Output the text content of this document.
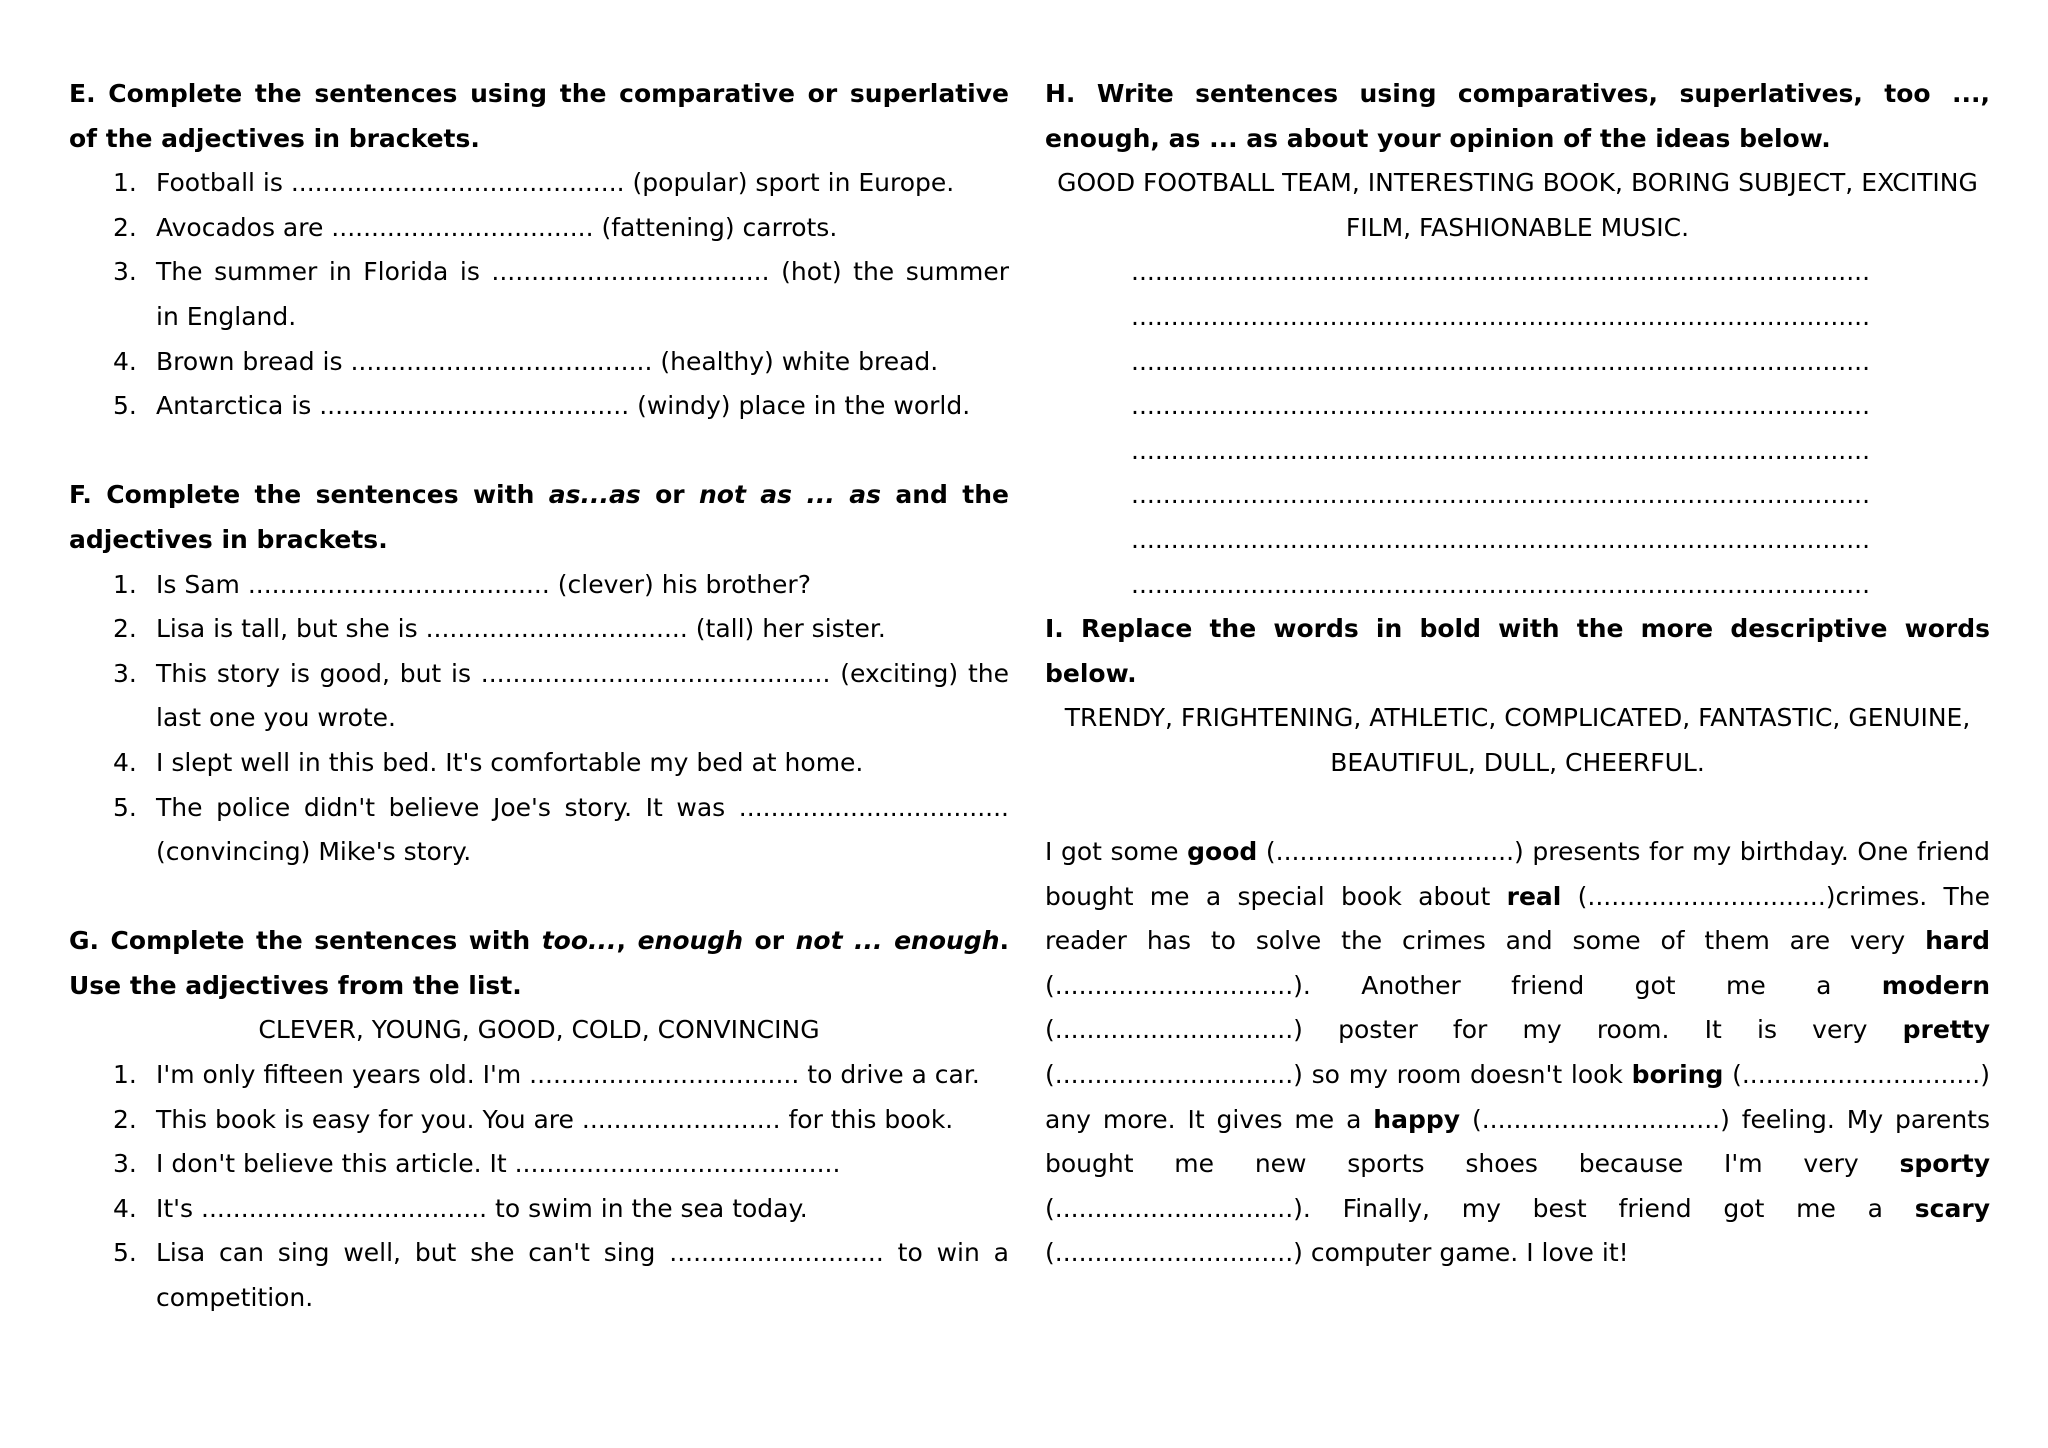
E. Complete the sentences using the comparative or superlative of the adjectives in brackets.
1. Football is .......................................... (popular) sport in Europe.
2. Avocados are ................................. (fattening) carrots.
3. The summer in Florida is ................................... (hot) the summer in England.
4. Brown bread is ...................................... (healthy) white bread.
5. Antarctica is ....................................... (windy) place in the world.
F. Complete the sentences with as...as or not as ... as and the adjectives in brackets.
1. Is Sam ...................................... (clever) his brother?
2. Lisa is tall, but she is ................................. (tall) her sister.
3. This story is good, but is ............................................ (exciting) the last one you wrote.
4. I slept well in this bed. It's comfortable my bed at home.
5. The police didn't believe Joe's story. It was .................................. (convincing) Mike's story.
G. Complete the sentences with too..., enough or not ... enough. Use the adjectives from the list.
CLEVER, YOUNG, GOOD, COLD, CONVINCING
1. I'm only fifteen years old. I'm .................................. to drive a car.
2. This book is easy for you. You are ......................... for this book.
3. I don't believe this article. It .........................................
4. It's .................................... to swim in the sea today.
5. Lisa can sing well, but she can't sing ........................... to win a competition.
H. Write sentences using comparatives, superlatives, too ..., enough, as ... as about your opinion of the ideas below.
GOOD FOOTBALL TEAM, INTERESTING BOOK, BORING SUBJECT, EXCITING FILM, FASHIONABLE MUSIC.
.............................................................................................
.............................................................................................
.............................................................................................
.............................................................................................
.............................................................................................
.............................................................................................
.............................................................................................
.............................................................................................
I. Replace the words in bold with the more descriptive words below.
TRENDY, FRIGHTENING, ATHLETIC, COMPLICATED, FANTASTIC, GENUINE, BEAUTIFUL, DULL, CHEERFUL.
I got some good (..............................) presents for my birthday. One friend bought me a special book about real (..............................)crimes. The reader has to solve the crimes and some of them are very hard (..............................). Another friend got me a modern (..............................) poster for my room. It is very pretty (..............................) so my room doesn't look boring (..............................) any more. It gives me a happy (..............................) feeling. My parents bought me new sports shoes because I'm very sporty (..............................). Finally, my best friend got me a scary (..............................) computer game. I love it!
